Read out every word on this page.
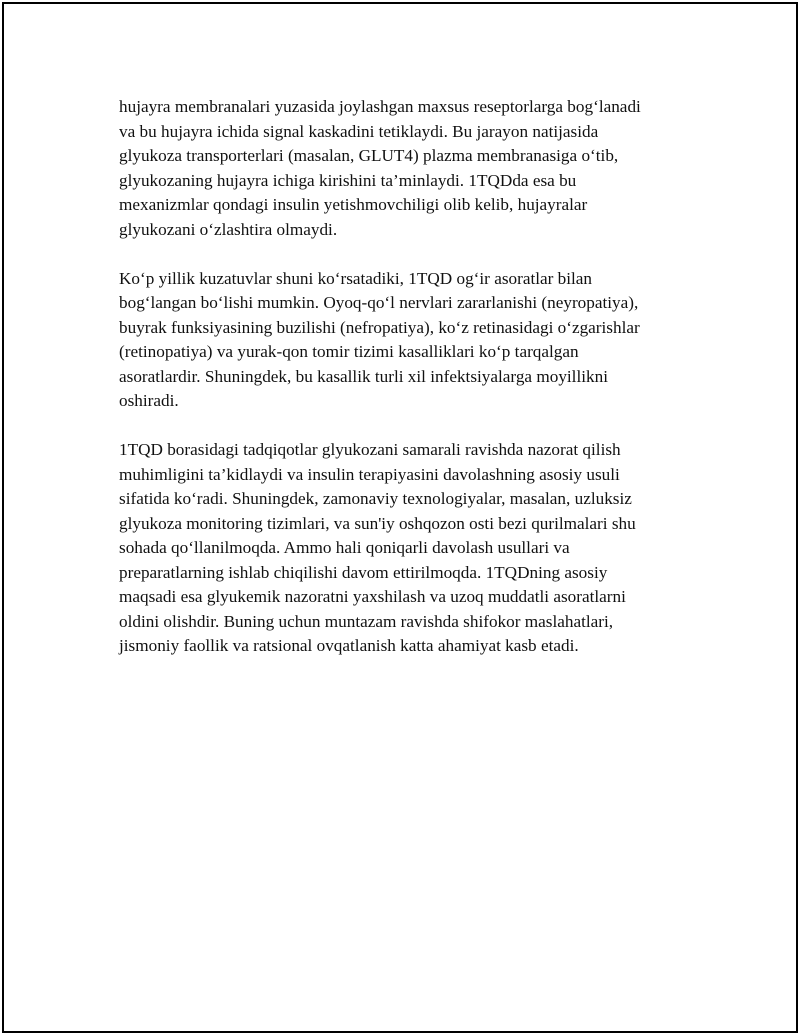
hujayra membranalari yuzasida joylashgan maxsus reseptorlarga bog‘lanadi
va bu hujayra ichida signal kaskadini tetiklaydi. Bu jarayon natijasida
glyukoza transporterlari (masalan, GLUT4) plazma membranasiga o‘tib,
glyukozaning hujayra ichiga kirishini ta’minlaydi. 1TQDda esa bu
mexanizmlar qondagi insulin yetishmovchiligi olib kelib, hujayralar
glyukozani o‘zlashtira olmaydi.

Ko‘p yillik kuzatuvlar shuni ko‘rsatadiki, 1TQD og‘ir asoratlar bilan
bog‘langan bo‘lishi mumkin. Oyoq-qo‘l nervlari zararlanishi (neyropatiya),
buyrak funksiyasining buzilishi (nefropatiya), ko‘z retinasidagi o‘zgarishlar
(retinopatiya) va yurak-qon tomir tizimi kasalliklari ko‘p tarqalgan
asoratlardir. Shuningdek, bu kasallik turli xil infektsiyalarga moyillikni
oshiradi.

1TQD borasidagi tadqiqotlar glyukozani samarali ravishda nazorat qilish
muhimligini ta’kidlaydi va insulin terapiyasini davolashning asosiy usuli
sifatida ko‘radi. Shuningdek, zamonaviy texnologiyalar, masalan, uzluksiz
glyukoza monitoring tizimlari, va sun'iy oshqozon osti bezi qurilmalari shu
sohada qo‘llanilmoqda. Ammo hali qoniqarli davolash usullari va
preparatlarning ishlab chiqilishi davom ettirilmoqda. 1TQDning asosiy
maqsadi esa glyukemik nazoratni yaxshilash va uzoq muddatli asoratlarni
oldini olishdir. Buning uchun muntazam ravishda shifokor maslahatlari,
jismoniy faollik va ratsional ovqatlanish katta ahamiyat kasb etadi.
